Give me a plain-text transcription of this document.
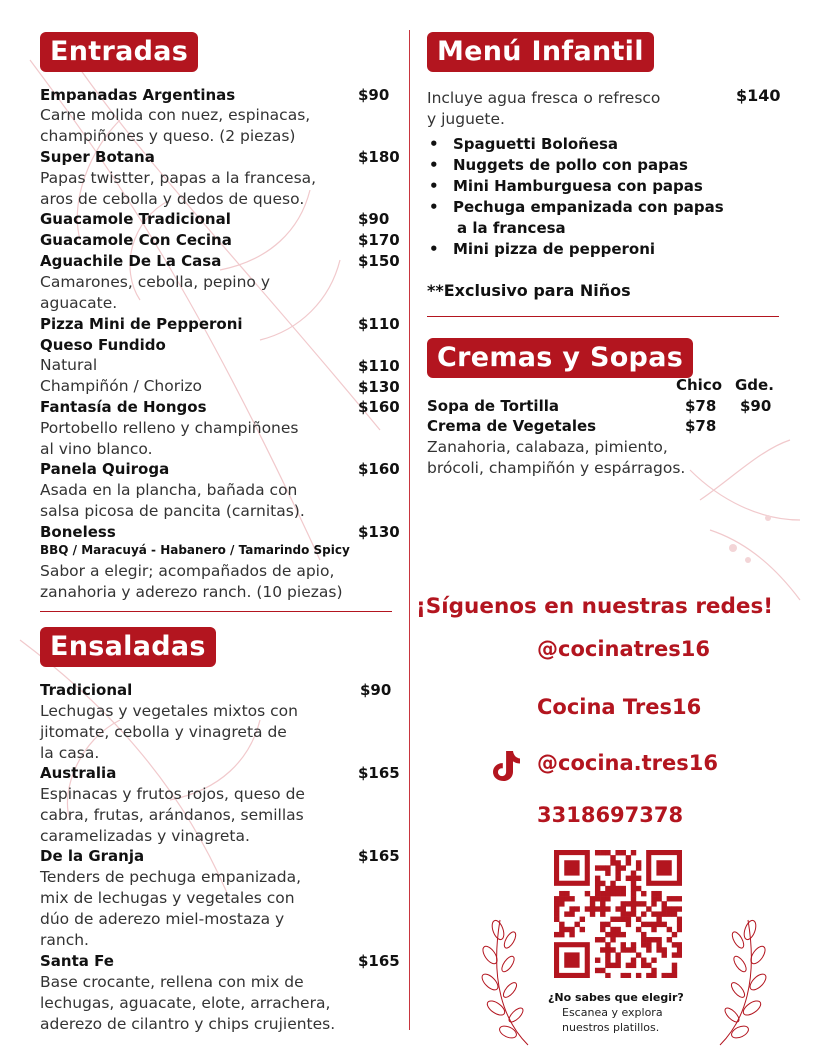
Entradas
Empanadas Argentinas	$90
Carne molida con nuez, espinacas,
champiñones y queso. (2 piezas)
Super Botana	$180
Papas twistter, papas a la francesa,
aros de cebolla y dedos de queso.
Guacamole Tradicional	$90
Guacamole Con Cecina	$170
Aguachile De La Casa	$150
Camarones, cebolla, pepino y
aguacate.
Pizza Mini de Pepperoni	$110
Queso Fundido
Natural	$110
Champiñón / Chorizo	$130
Fantasía de Hongos	$160
Portobello relleno y champiñones
al vino blanco.
Panela Quiroga	$160
Asada en la plancha, bañada con
salsa picosa de pancita (carnitas).
Boneless	$130
BBQ / Maracuyá - Habanero / Tamarindo Spicy
Sabor a elegir; acompañados de apio,
zanahoria y aderezo ranch. (10 piezas)
Ensaladas
Tradicional	$90
Lechugas y vegetales mixtos con
jitomate, cebolla y vinagreta de
la casa.
Australia	$165
Espinacas y frutos rojos, queso de
cabra, frutas, arándanos, semillas
caramelizadas y vinagreta.
De la Granja	$165
Tenders de pechuga empanizada,
mix de lechugas y vegetales con
dúo de aderezo miel-mostaza y
ranch.
Santa Fe	$165
Base crocante, rellena con mix de
lechugas, aguacate, elote, arrachera,
aderezo de cilantro y chips crujientes.
Menú Infantil
Incluye agua fresca o refresco
y juguete.
$140
• Spaguetti Boloñesa
• Nuggets de pollo con papas
• Mini Hamburguesa con papas
• Pechuga empanizada con papas
a la francesa
• Mini pizza de pepperoni
**Exclusivo para Niños
Cremas y Sopas
Chico Gde.
Sopa de Tortilla	$78 $90
Crema de Vegetales	$78
Zanahoria, calabaza, pimiento,
brócoli, champiñón y espárragos.
¡Síguenos en nuestras redes!
@cocinatres16
Cocina Tres16
@cocina.tres16
3318697378
¿No sabes que elegir?
Escanea y explora
nuestros platillos.
